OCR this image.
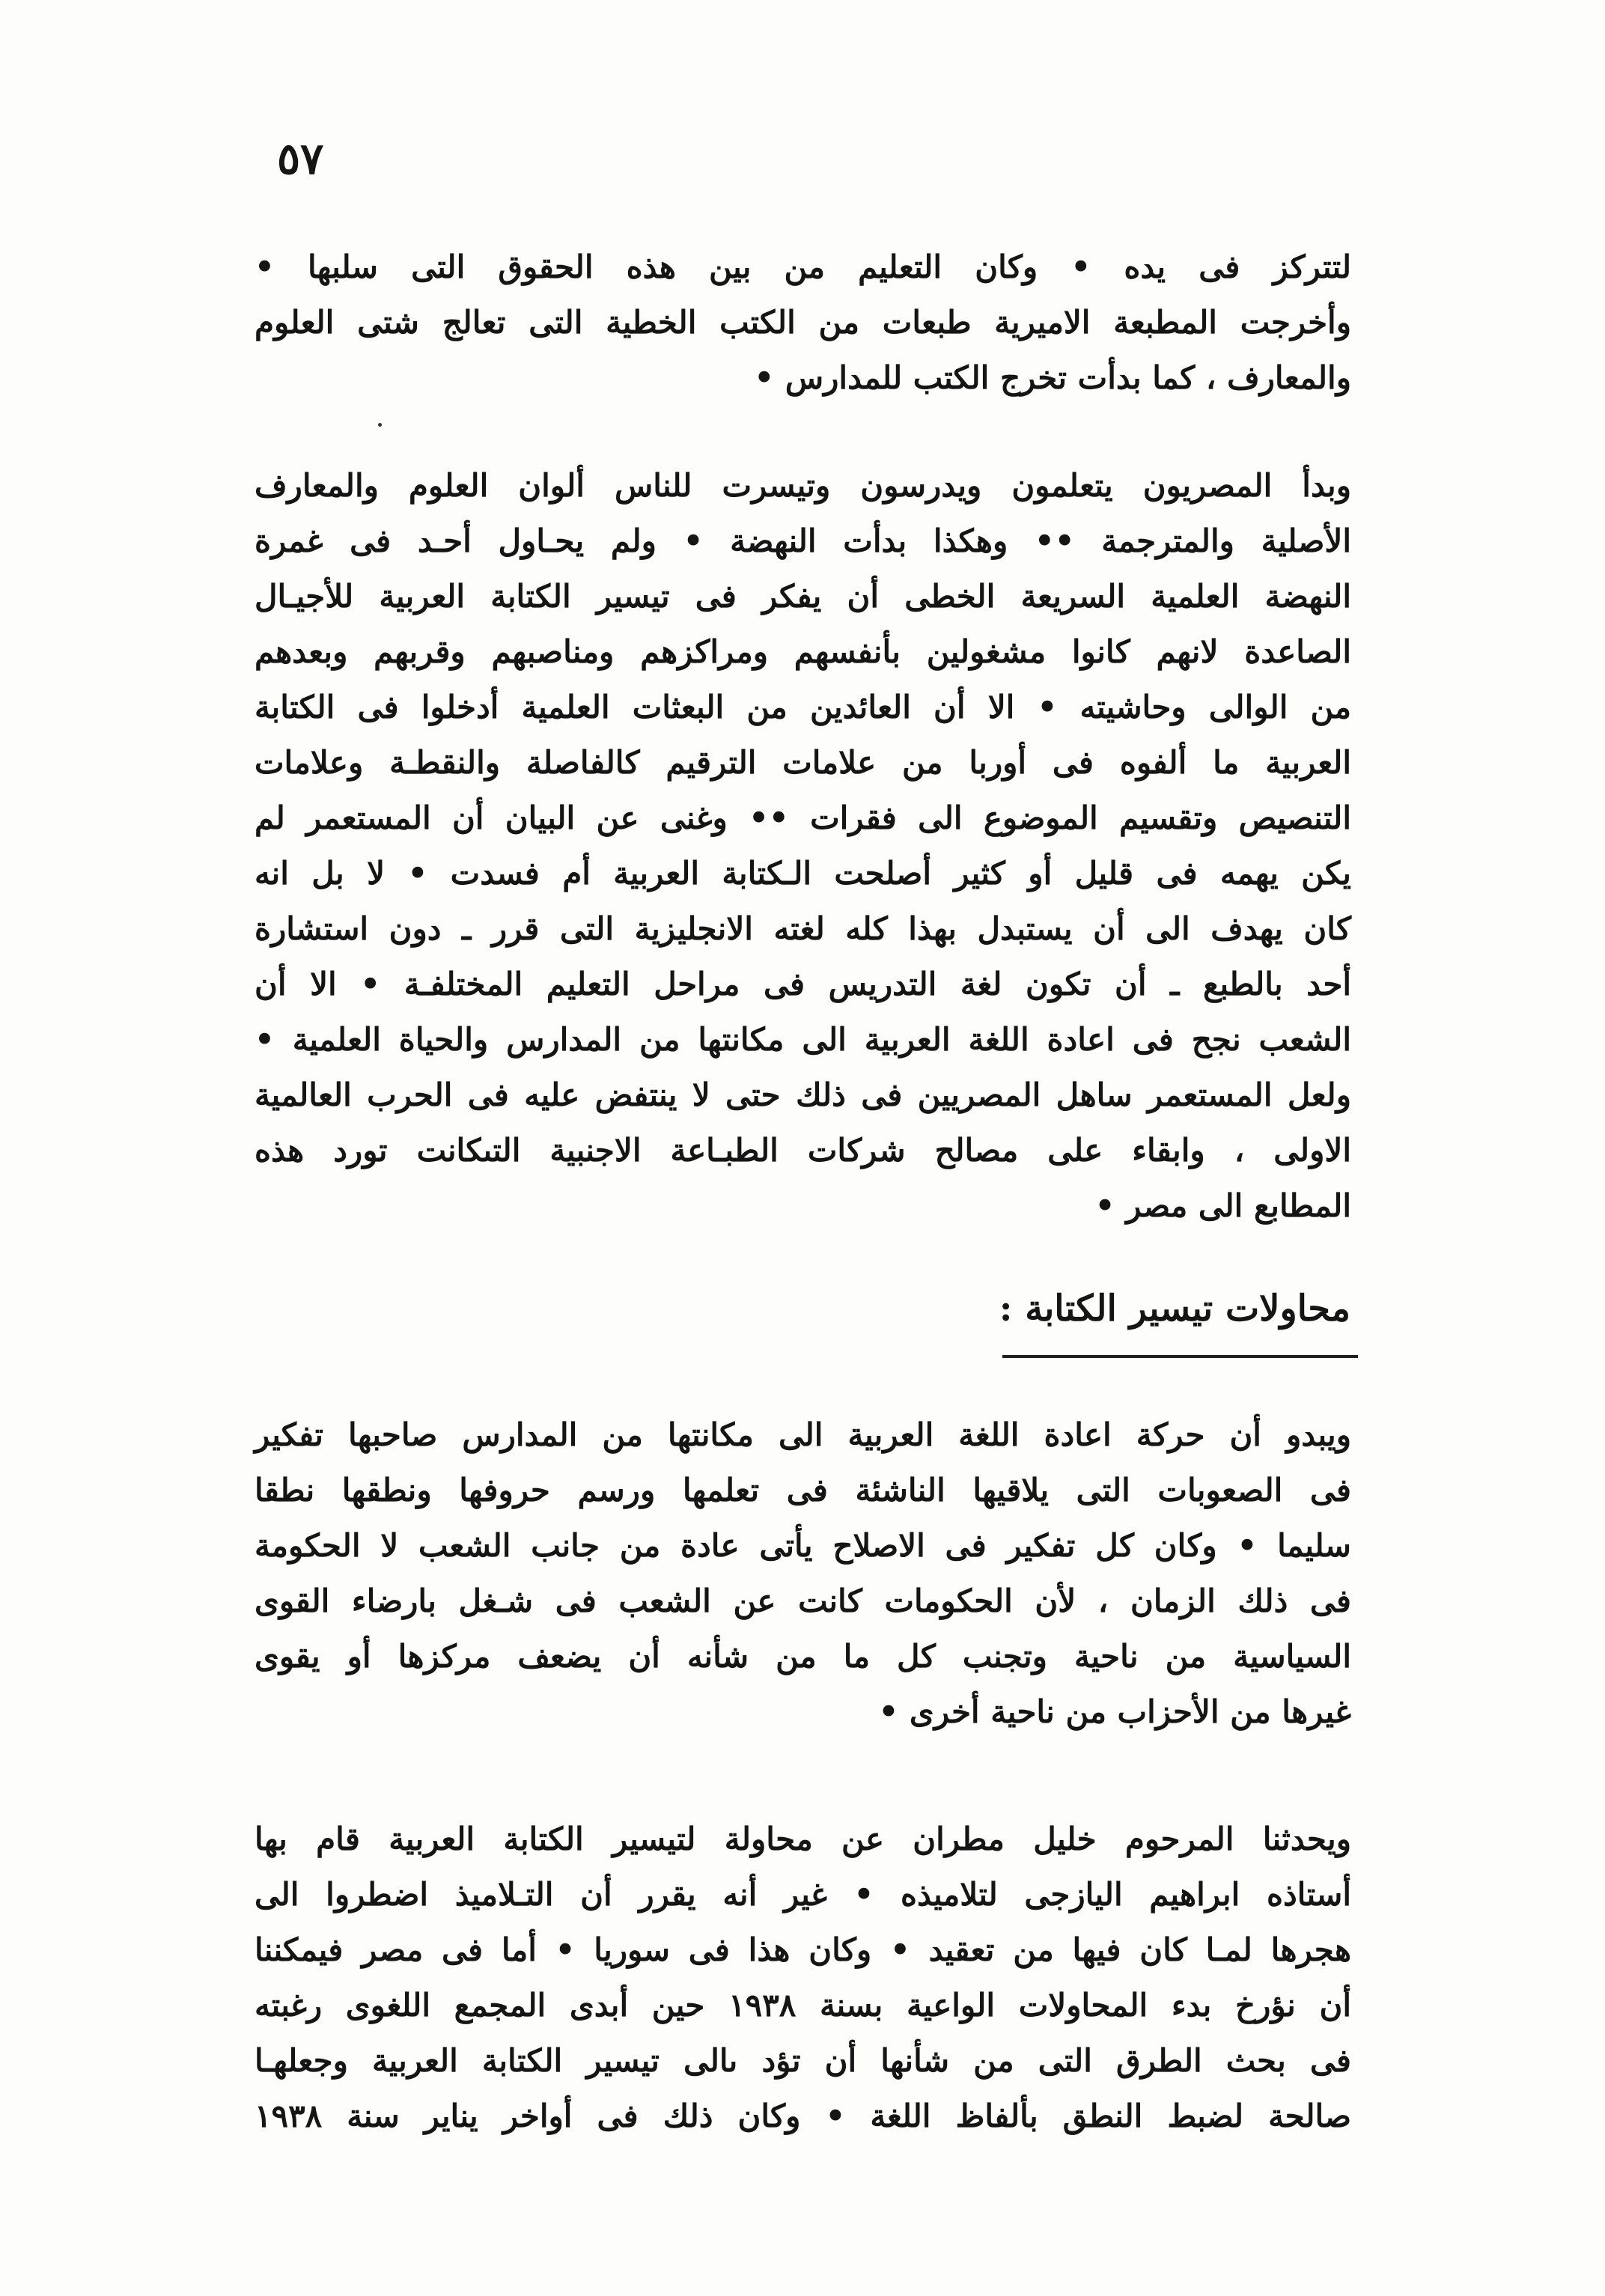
٥٧

لتتركز فى يده • وكان التعليم من بين هذه الحقوق التى سلبها •
وأخرجت المطبعة الاميرية طبعات من الكتب الخطية التى تعالج شتى العلوم
والمعارف ، كما بدأت تخرج الكتب للمدارس •

وبدأ المصريون يتعلمون ويدرسون وتيسرت للناس ألوان العلوم والمعارف
الأصلية والمترجمة •• وهكذا بدأت النهضة • ولم يحـاول أحـد فى غمرة
النهضة العلمية السريعة الخطى أن يفكر فى تيسير الكتابة العربية للأجيـال
الصاعدة لانهم كانوا مشغولين بأنفسهم ومراكزهم ومناصبهم وقربهم وبعدهم
من الوالى وحاشيته • الا أن العائدين من البعثات العلمية أدخلوا فى الكتابة
العربية ما ألفوه فى أوربا من علامات الترقيم كالفاصلة والنقطـة وعلامات
التنصيص وتقسيم الموضوع الى فقرات •• وغنى عن البيان أن المستعمر لم
يكن يهمه فى قليل أو كثير أصلحت الـكتابة العربية أم فسدت • لا بل انه
كان يهدف الى أن يستبدل بهذا كله لغته الانجليزية التى قرر ـ دون استشارة
أحد بالطبع ـ أن تكون لغة التدريس فى مراحل التعليم المختلفـة • الا أن
الشعب نجح فى اعادة اللغة العربية الى مكانتها من المدارس والحياة العلمية •
ولعل المستعمر ساهل المصريين فى ذلك حتى لا ينتفض عليه فى الحرب العالمية
الاولى ، وابقاء على مصالح شركات الطبـاعة الاجنبية التىكانت تورد هذه
المطابع الى مصر •

محاولات تيسير الكتابة :

ويبدو أن حركة اعادة اللغة العربية الى مكانتها من المدارس صاحبها تفكير
فى الصعوبات التى يلاقيها الناشئة فى تعلمها ورسم حروفها ونطقها نطقا
سليما • وكان كل تفكير فى الاصلاح يأتى عادة من جانب الشعب لا الحكومة
فى ذلك الزمان ، لأن الحكومات كانت عن الشعب فى شـغل بارضاء القوى
السياسية من ناحية وتجنب كل ما من شأنه أن يضعف مركزها أو يقوى
غيرها من الأحزاب من ناحية أخرى •

ويحدثنا المرحوم خليل مطران عن محاولة لتيسير الكتابة العربية قام بها
أستاذه ابراهيم اليازجى لتلاميذه • غير أنه يقرر أن التـلاميذ اضطروا الى
هجرها لمـا كان فيها من تعقيد • وكان هذا فى سوريا • أما فى مصر فيمكننا
أن نؤرخ بدء المحاولات الواعية بسنة ١٩٣٨ حين أبدى المجمع اللغوى رغبته
فى بحث الطرق التى من شأنها أن تؤد ىالى تيسير الكتابة العربية وجعلهـا
صالحة لضبط النطق بألفاظ اللغة • وكان ذلك فى أواخر يناير سنة ١٩٣٨
